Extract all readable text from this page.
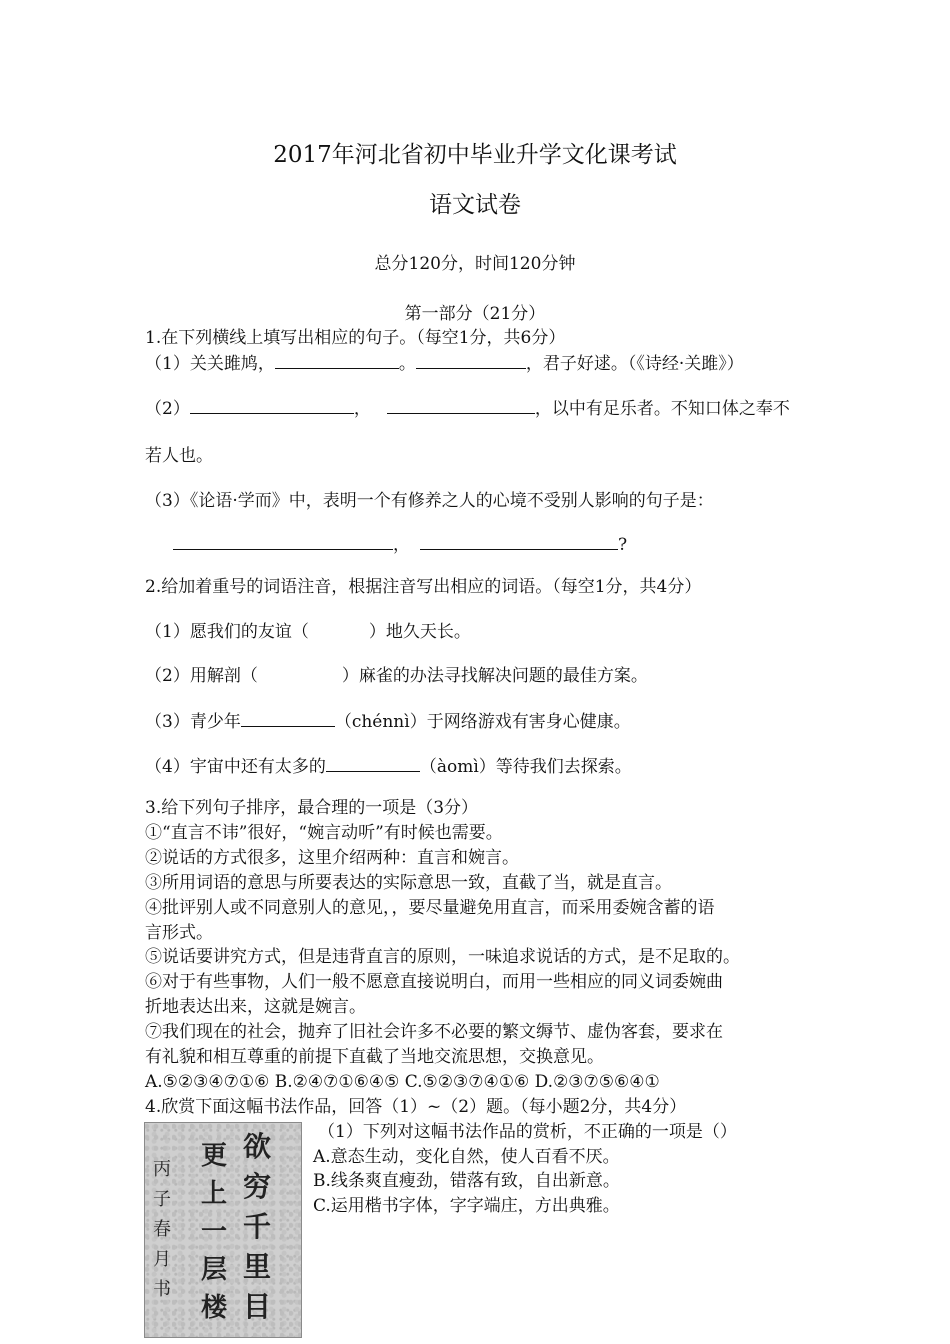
2017年河北省初中毕业升学文化课考试
语文试卷
总分120分，时间120分钟
第一部分（21分）
1.在下列横线上填写出相应的句子。（每空1分，共6分）
（1）关关雎鸠，	。	，君子好逑。（《诗经·关雎》）
（2）	，	，以中有足乐者。不知口体之奉不
若人也。
（3）《论语·学而》中，表明一个有修养之人的心境不受别人影响的句子是：
，	?
2.给加着重号的词语注音，根据注音写出相应的词语。（每空1分，共4分）
（1）愿我们的友谊（	）地久天长。
（2）用解剖（	）麻雀的办法寻找解决问题的最佳方案。
（3）青少年	（chénnì）于网络游戏有害身心健康。
（4）宇宙中还有太多的	（àomì）等待我们去探索。
3.给下列句子排序，最合理的一项是（3分）
①“直言不讳”很好，“婉言动听”有时候也需要。
②说话的方式很多，这里介绍两种：直言和婉言。
③所用词语的意思与所要表达的实际意思一致，直截了当，就是直言。
④批评别人或不同意别人的意见，，要尽量避免用直言，而采用委婉含蓄的语
言形式。
⑤说话要讲究方式，但是违背直言的原则，一味追求说话的方式，是不足取的。
⑥对于有些事物，人们一般不愿意直接说明白，而用一些相应的同义词委婉曲
折地表达出来，这就是婉言。
⑦我们现在的社会，抛弃了旧社会许多不必要的繁文缛节、虚伪客套，要求在
有礼貌和相互尊重的前提下直截了当地交流思想，交换意见。
A.⑤②③④⑦①⑥ B.②④⑦①⑥④⑤ C.⑤②③⑦④①⑥ D.②③⑦⑤⑥④①
4.欣赏下面这幅书法作品，回答（1）~（2）题。（每小题2分，共4分）
欲穷千里目
更上一层楼
丙子春月书
（1）下列对这幅书法作品的赏析，不正确的一项是（）
A.意态生动，变化自然，使人百看不厌。
B.线条爽直瘦劲，错落有致，自出新意。
C.运用楷书字体，字字端庄，方出典雅。
